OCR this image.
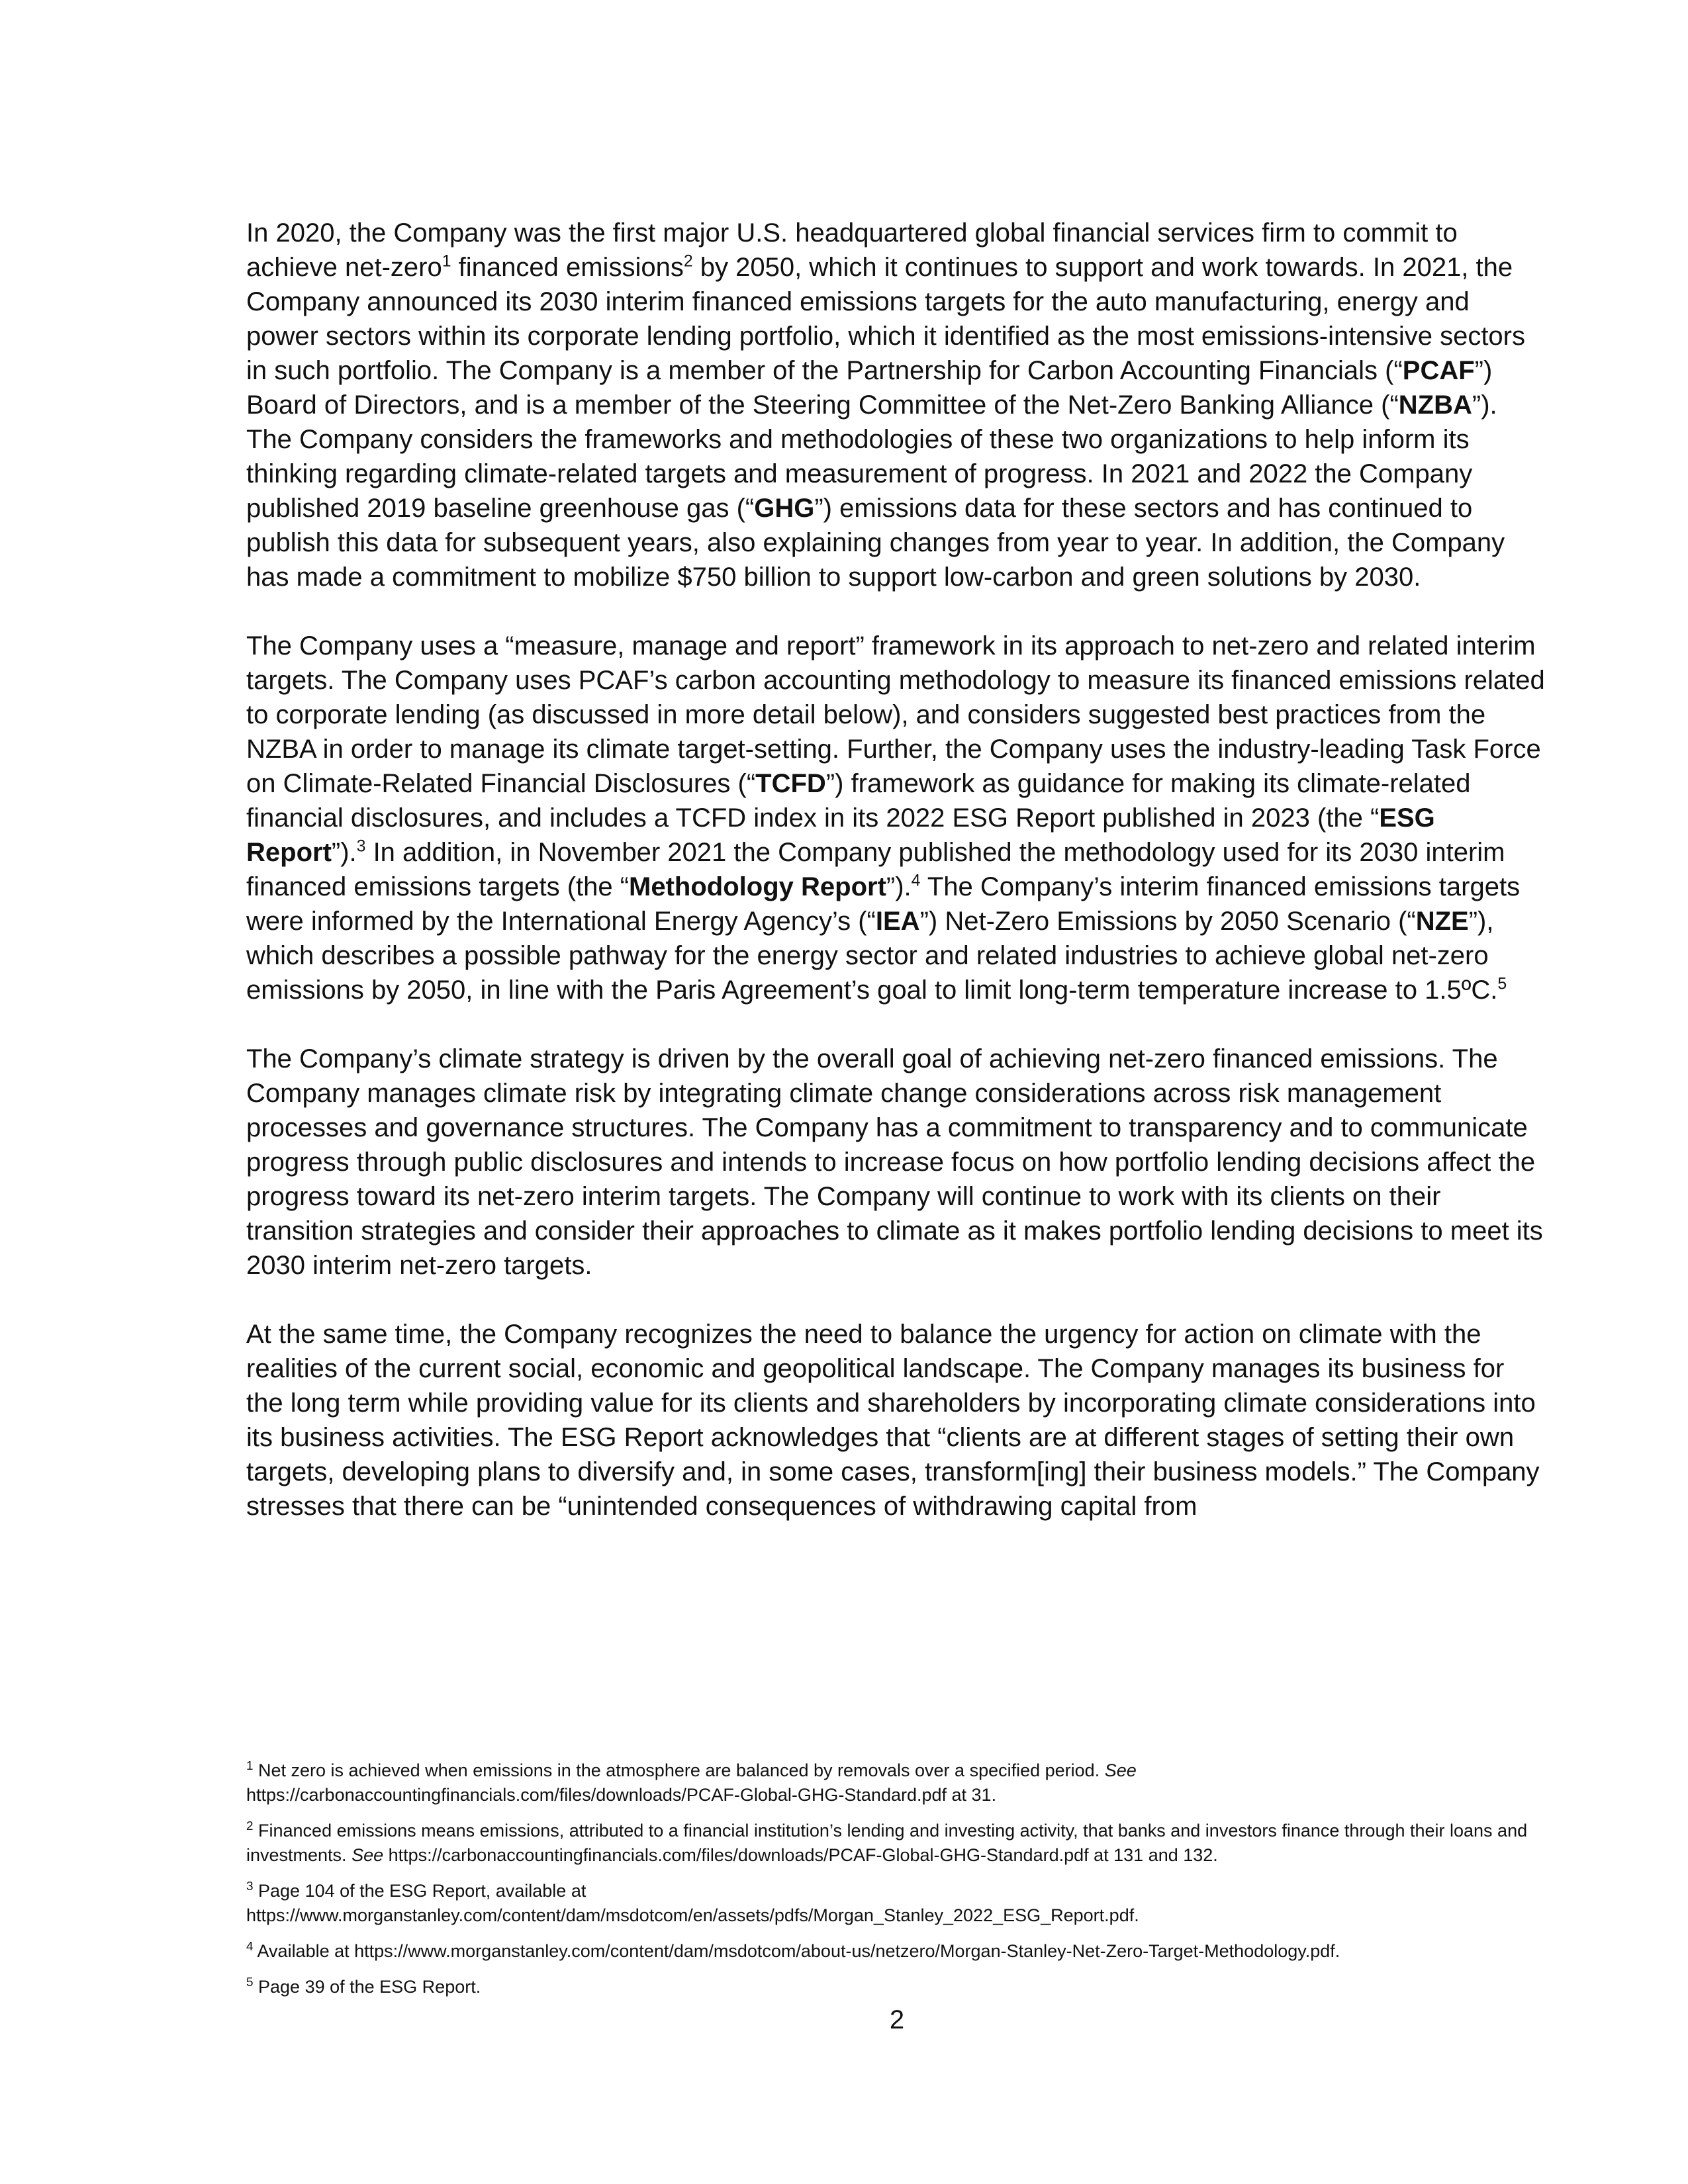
In 2020, the Company was the first major U.S. headquartered global financial services firm to commit to achieve net-zero$^1$ financed emissions$^2$ by 2050, which it continues to support and work towards. In 2021, the Company announced its 2030 interim financed emissions targets for the auto manufacturing, energy and power sectors within its corporate lending portfolio, which it identified as the most emissions-intensive sectors in such portfolio. The Company is a member of the Partnership for Carbon Accounting Financials (“PCAF”) Board of Directors, and is a member of the Steering Committee of the Net-Zero Banking Alliance (“NZBA”). The Company considers the frameworks and methodologies of these two organizations to help inform its thinking regarding climate-related targets and measurement of progress. In 2021 and 2022 the Company published 2019 baseline greenhouse gas (“GHG”) emissions data for these sectors and has continued to publish this data for subsequent years, also explaining changes from year to year. In addition, the Company has made a commitment to mobilize $750 billion to support low-carbon and green solutions by 2030.

The Company uses a “measure, manage and report” framework in its approach to net-zero and related interim targets. The Company uses PCAF’s carbon accounting methodology to measure its financed emissions related to corporate lending (as discussed in more detail below), and considers suggested best practices from the NZBA in order to manage its climate target-setting. Further, the Company uses the industry-leading Task Force on Climate-Related Financial Disclosures (“TCFD”) framework as guidance for making its climate-related financial disclosures, and includes a TCFD index in its 2022 ESG Report published in 2023 (the “ESG Report”).$^3$ In addition, in November 2021 the Company published the methodology used for its 2030 interim financed emissions targets (the “Methodology Report”).$^4$ The Company’s interim financed emissions targets were informed by the International Energy Agency’s (“IEA”) Net-Zero Emissions by 2050 Scenario (“NZE”), which describes a possible pathway for the energy sector and related industries to achieve global net-zero emissions by 2050, in line with the Paris Agreement’s goal to limit long-term temperature increase to 1.5ºC.$^5$

The Company’s climate strategy is driven by the overall goal of achieving net-zero financed emissions. The Company manages climate risk by integrating climate change considerations across risk management processes and governance structures. The Company has a commitment to transparency and to communicate progress through public disclosures and intends to increase focus on how portfolio lending decisions affect the progress toward its net-zero interim targets. The Company will continue to work with its clients on their transition strategies and consider their approaches to climate as it makes portfolio lending decisions to meet its 2030 interim net-zero targets.

At the same time, the Company recognizes the need to balance the urgency for action on climate with the realities of the current social, economic and geopolitical landscape. The Company manages its business for the long term while providing value for its clients and shareholders by incorporating climate considerations into its business activities. The ESG Report acknowledges that “clients are at different stages of setting their own targets, developing plans to diversify and, in some cases, transform[ing] their business models.” The Company stresses that there can be “unintended consequences of withdrawing capital from

$^1$ Net zero is achieved when emissions in the atmosphere are balanced by removals over a specified period. See
https://carbonaccountingfinancials.com/files/downloads/PCAF-Global-GHG-Standard.pdf at 31.
$^2$ Financed emissions means emissions, attributed to a financial institution’s lending and investing activity, that banks and investors finance through their loans and investments. See https://carbonaccountingfinancials.com/files/downloads/PCAF-Global-GHG-Standard.pdf at 131 and 132.
$^3$ Page 104 of the ESG Report, available at
https://www.morganstanley.com/content/dam/msdotcom/en/assets/pdfs/Morgan_Stanley_2022_ESG_Report.pdf.
$^4$ Available at https://www.morganstanley.com/content/dam/msdotcom/about-us/netzero/Morgan-Stanley-Net-Zero-Target-Methodology.pdf.
$^5$ Page 39 of the ESG Report.
2
